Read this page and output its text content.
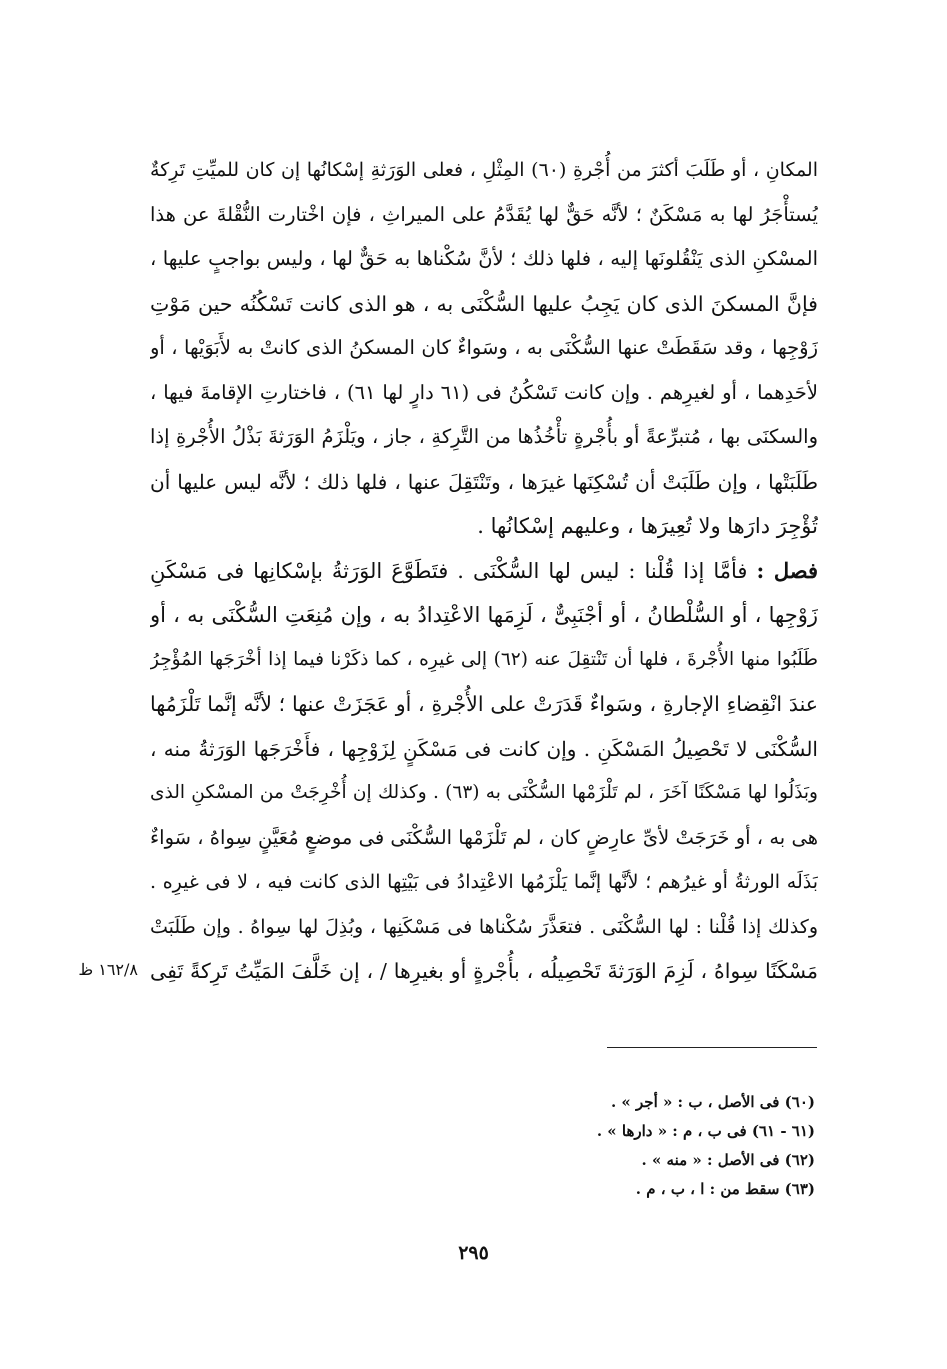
المكانِ ، أو طَلَبَ أكثرَ من أُجْرةِ (٦٠) المِثْلِ ، فعلى الوَرَثةِ إسْكانُها إن كان للميِّتِ تَرِكةٌ
يُستأْجَرُ لها به مَسْكَنٌ ؛ لأنَّه حَقٌّ لها يُقَدَّمُ على الميراثِ ، فإن اخْتارت النُّقْلةَ عن هذا
المسْكنِ الذى يَنْقُلونَها إليه ، فلها ذلك ؛ لأنَّ سُكْناها به حَقٌّ لها ، وليس بواجبٍ عليها ،
فإنَّ المسكنَ الذى كان يَجِبُ عليها السُّكْنَى به ، هو الذى كانت تَسْكُنُه حين مَوْتِ
زَوْجِها ، وقد سَقَطَتْ عنها السُّكْنَى به ، وسَواءٌ كان المسكنُ الذى كانتْ به لأَبَوَيْها ، أو
لأحَدِهما ، أو لغيرِهم . وإن كانت تَسْكُنُ فى (٦١ دارٍ لها ٦١) ، فاختارتِ الإقامةَ فيها ،
والسكنَى بها ، مُتبرِّعةً أو بأُجْرةٍ تأْخُذُها من التَّرِكةِ ، جاز ، ويَلْزَمُ الوَرَثةَ بَذْلُ الأُجْرةِ إذا
طَلَبَتْها ، وإن طَلَبَتْ أن تُسْكِنَها غيرَها ، وتَنْتَقِلَ عنها ، فلها ذلك ؛ لأنَّه ليس عليها أن
تُؤْجِرَ دارَها ولا تُعِيرَها ، وعليهم إسْكانُها .
فصل : فأمَّا إذا قُلْنا : ليس لها السُّكْنَى . فتَطَوَّعَ الوَرَثةُ بإسْكانِها فى مَسْكَنِ
زَوْجِها ، أو السُّلْطانُ ، أو أجْنَبِىٌّ ، لَزِمَها الاعْتِدادُ به ، وإن مُنِعَتِ السُّكْنَى به ، أو
طَلَبُوا منها الأُجْرةَ ، فلها أن تَنْتقِلَ عنه (٦٢) إلى غيرِه ، كما ذكَرْنا فيما إذا أخْرَجَها المُؤْجِرُ
عندَ انْقِضاءِ الإجارةِ ، وسَواءٌ قَدَرَتْ على الأُجْرةِ ، أو عَجَزَتْ عنها ؛ لأنَّه إنَّما تَلْزَمُها
السُّكْنَى لا تَحْصِيلُ المَسْكَنِ . وإن كانت فى مَسْكَنٍ لِزَوْجِها ، فأَخْرَجَها الوَرَثةُ منه ،
وبَذَلُوا لها مَسْكَنًا آخَرَ ، لم تَلْزَمْها السُّكْنَى به (٦٣) . وكذلك إن أُخْرِجَتْ من المسْكنِ الذى
هى به ، أو خَرَجَتْ لأىِّ عارِضٍ كان ، لم تَلْزَمْها السُّكْنَى فى موضعٍ مُعَيَّنٍ سِواهُ ، سَواءٌ
بَذَلَه الورثةُ أو غيرُهم ؛ لأنَّها إنَّما يَلْزَمُها الاعْتِدادُ فى بَيْتِها الذى كانت فيه ، لا فى غيرِه .
وكذلك إذا قُلْنا : لها السُّكْنَى . فتعَذَّرَ سُكْناها فى مَسْكَنِها ، وبُذِلَ لها سِواهُ . وإن طَلَبَتْ
مَسْكَنًا سِواهُ ، لَزِمَ الوَرَثةَ تَحْصِيلُه ، بأُجْرةٍ أو بغيرِها / ، إن خَلَّفَ المَيِّتُ تَرِكةً تَفِى
١٦٢/٨ ظ
(٦٠) فى الأصل ، ب : « أجر » .
(٦١ - ٦١) فى ب ، م : « دارها » .
(٦٢) فى الأصل : « منه » .
(٦٣) سقط من : ا ، ب ، م .
٢٩٥
